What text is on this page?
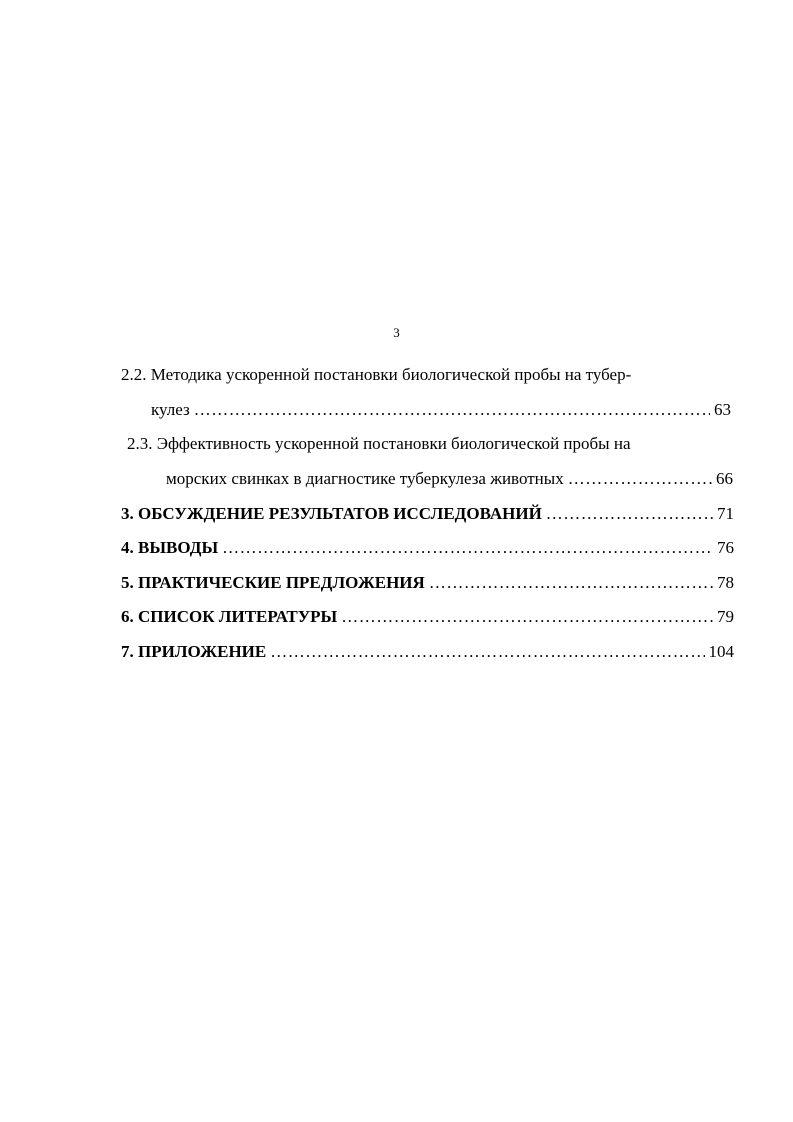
3
2.2. Методика ускоренной постановки биологической пробы на тубер-
кулез …………………………………………………………………………………………………………………………………………………………………………………………………	63
2.3. Эффективность ускоренной постановки биологической пробы на
морских свинках в диагностике туберкулеза животных …………………………………………………………………………………………………………………………………………………………………………………………………	66
3. ОБСУЖДЕНИЕ РЕЗУЛЬТАТОВ ИССЛЕДОВАНИЙ …………………………………………………………………………………………………………………………………………………………………………………………………	71
4. ВЫВОДЫ …………………………………………………………………………………………………………………………………………………………………………………………………	76
5. ПРАКТИЧЕСКИЕ ПРЕДЛОЖЕНИЯ …………………………………………………………………………………………………………………………………………………………………………………………………	78
6. СПИСОК ЛИТЕРАТУРЫ …………………………………………………………………………………………………………………………………………………………………………………………………	79
7. ПРИЛОЖЕНИЕ …………………………………………………………………………………………………………………………………………………………………………………………………	104
